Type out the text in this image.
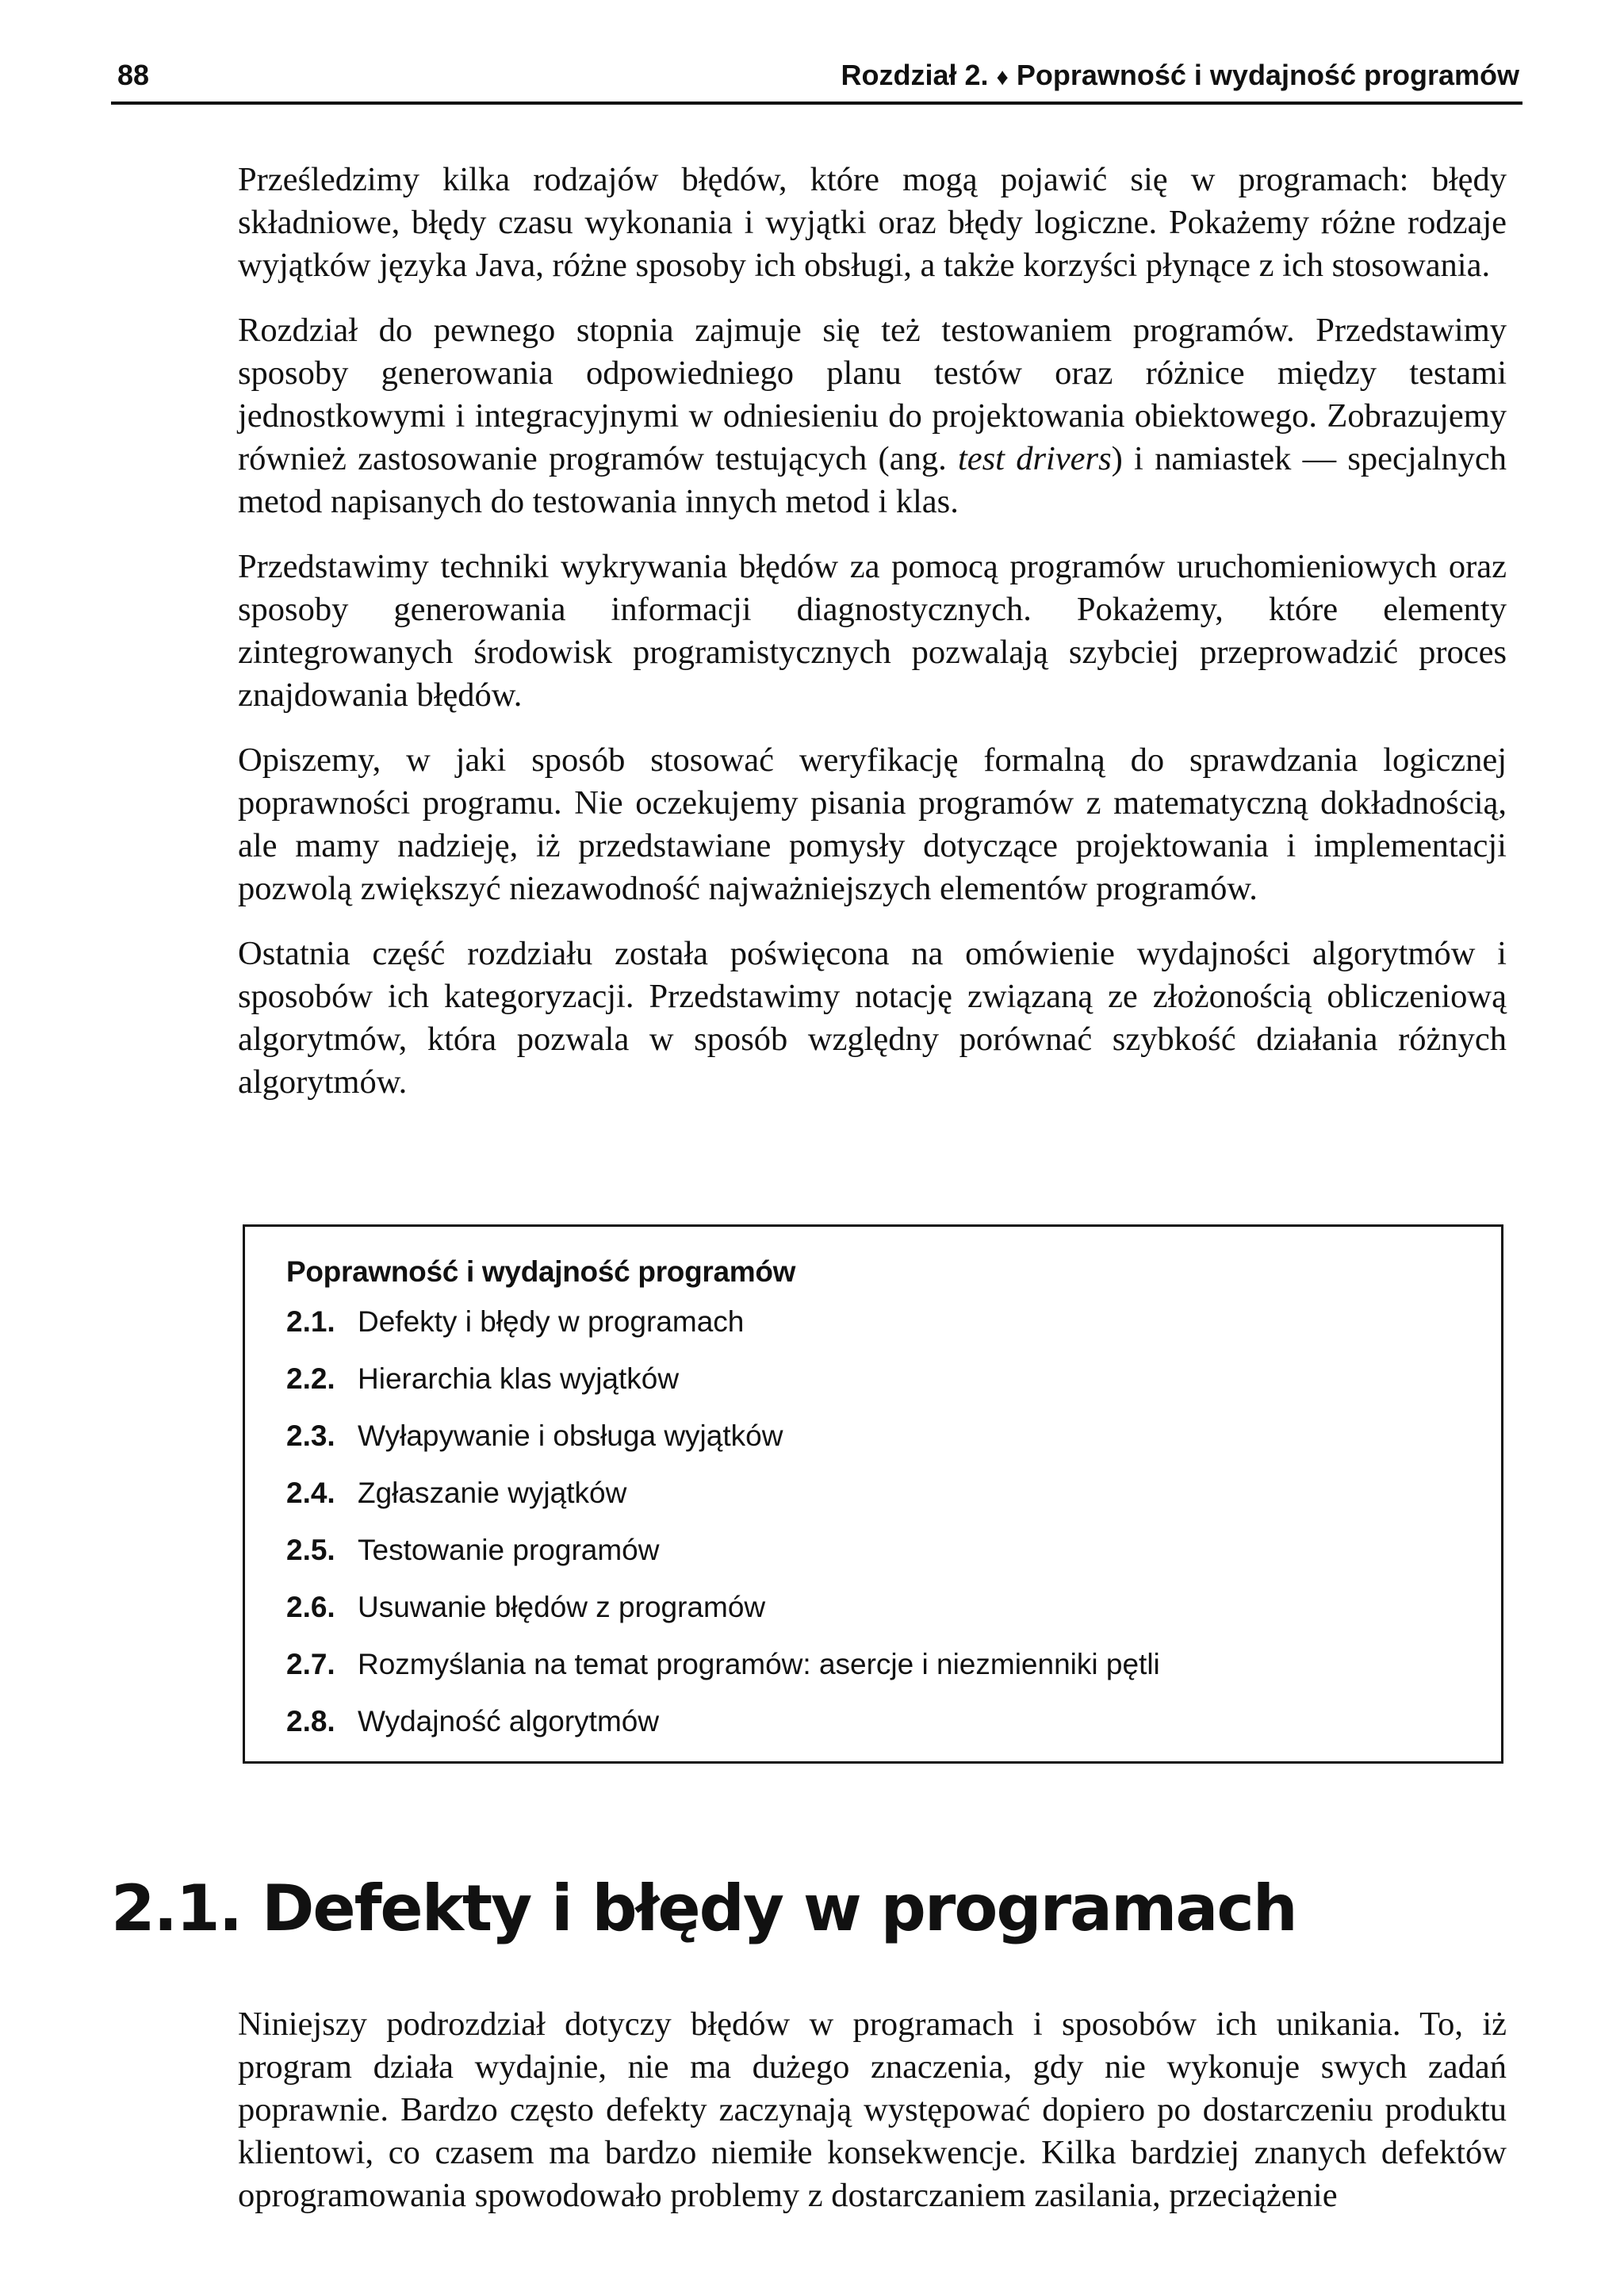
88	Rozdział 2. ♦ Poprawność i wydajność programów

Prześledzimy kilka rodzajów błędów, które mogą pojawić się w programach: błędy składniowe, błędy czasu wykonania i wyjątki oraz błędy logiczne. Pokażemy różne rodzaje wyjątków języka Java, różne sposoby ich obsługi, a także korzyści płynące z ich stosowania.

Rozdział do pewnego stopnia zajmuje się też testowaniem programów. Przedstawimy sposoby generowania odpowiedniego planu testów oraz różnice między testami jednostkowymi i integracyjnymi w odniesieniu do projektowania obiektowego. Zobrazujemy również zastosowanie programów testujących (ang. test drivers) i namiastek — specjalnych metod napisanych do testowania innych metod i klas.

Przedstawimy techniki wykrywania błędów za pomocą programów uruchomieniowych oraz sposoby generowania informacji diagnostycznych. Pokażemy, które elementy zintegrowanych środowisk programistycznych pozwalają szybciej przeprowadzić proces znajdowania błędów.

Opiszemy, w jaki sposób stosować weryfikację formalną do sprawdzania logicznej poprawności programu. Nie oczekujemy pisania programów z matematyczną dokładnością, ale mamy nadzieję, iż przedstawiane pomysły dotyczące projektowania i implementacji pozwolą zwiększyć niezawodność najważniejszych elementów programów.

Ostatnia część rozdziału została poświęcona na omówienie wydajności algorytmów i sposobów ich kategoryzacji. Przedstawimy notację związaną ze złożonością obliczeniową algorytmów, która pozwala w sposób względny porównać szybkość działania różnych algorytmów.

Poprawność i wydajność programów
2.1. Defekty i błędy w programach
2.2. Hierarchia klas wyjątków
2.3. Wyłapywanie i obsługa wyjątków
2.4. Zgłaszanie wyjątków
2.5. Testowanie programów
2.6. Usuwanie błędów z programów
2.7. Rozmyślania na temat programów: asercje i niezmienniki pętli
2.8. Wydajność algorytmów
2.1. Defekty i błędy w programach

Niniejszy podrozdział dotyczy błędów w programach i sposobów ich unikania. To, iż program działa wydajnie, nie ma dużego znaczenia, gdy nie wykonuje swych zadań poprawnie. Bardzo często defekty zaczynają występować dopiero po dostarczeniu produktu klientowi, co czasem ma bardzo niemiłe konsekwencje. Kilka bardziej znanych defektów oprogramowania spowodowało problemy z dostarczaniem zasilania, przeciążenie
